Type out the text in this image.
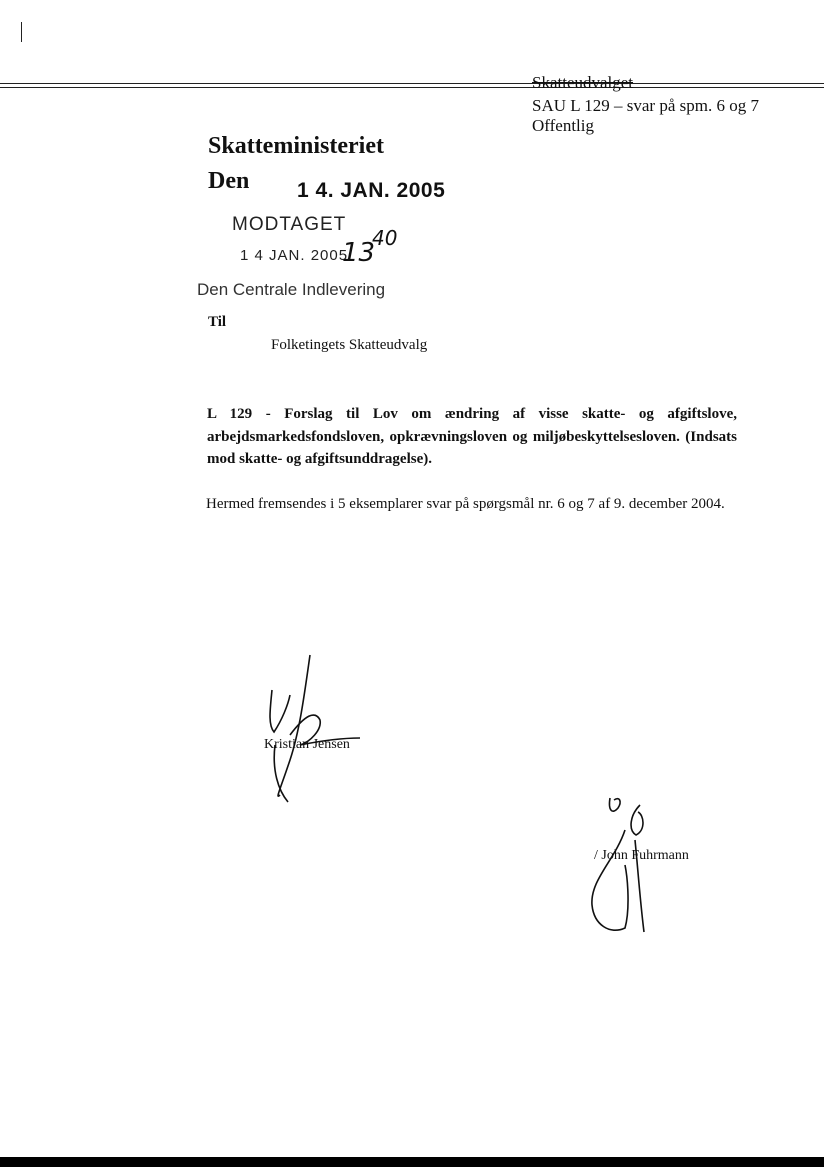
Skatteudvalget
SAU L 129 – svar på spm. 6 og 7
Offentlig
Skatteministeriet
Den 1 4. JAN. 2005
MODTAGET
1 4 JAN. 2005
13
40
Den Centrale Indlevering
Til
Folketingets Skatteudvalg
L 129 - Forslag til Lov om ændring af visse skatte- og afgiftslove, arbejdsmarkedsfondsloven, opkrævningsloven og miljøbeskyttelsesloven. (Indsats mod skatte- og afgiftsunddragelse).
Hermed fremsendes i 5 eksemplarer svar på spørgsmål nr. 6 og 7 af 9. december 2004.
Kristian Jensen
/ John Fuhrmann
